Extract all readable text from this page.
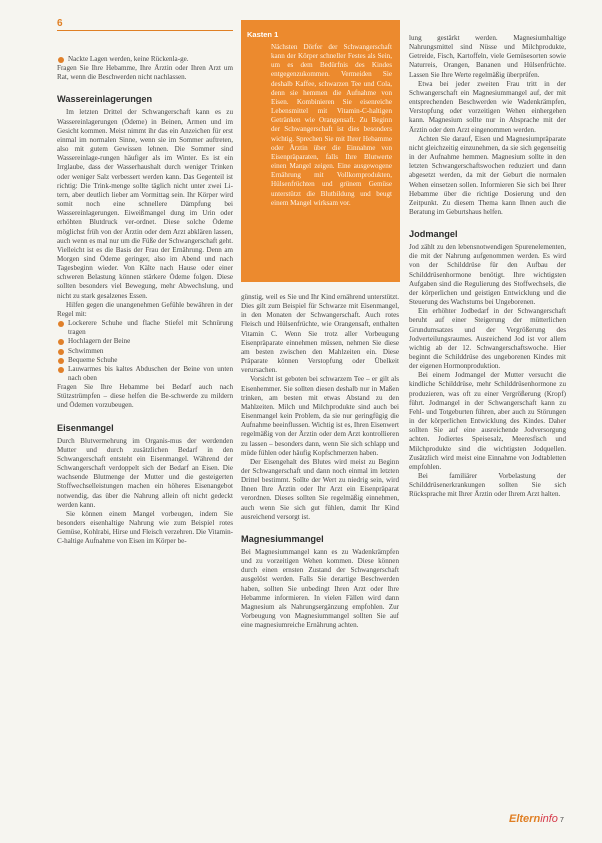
6
Nackte Lagen werden, keine Rückenla-ge.

Fragen Sie Ihre Hebamme, Ihre Ärztin oder Ihren Arzt um Rat, wenn die Beschwerden nicht nachlassen.

Wassereinlagerungen

Im letzten Drittel der Schwangerschaft kann es zu Wassereinlagerungen (Ödeme) in Beinen, Armen und im Gesicht kommen. Meist nimmt ihr das ein Anzeichen für erst einmal im normalen Sinne, wenn sie im Sommer auftreten, also mit gutem Gewissen lehnen. Die Sommer sind Wassereinlage-rungen häufiger als im Winter. Es ist ein Irrglaube, dass der Wasserhaushalt durch weniger Trinken oder weniger Salz verbessert werden kann. Das Gegenteil ist richtig: Die Trink-menge sollte täglich nicht unter zwei Li-tern, aber deutlich lieber am Vormittag sein. Ihr Körper wird somit noch eine schnellere Dämpfung bei Wassereinlagerungen. Eiweißmangel dung im Urin oder erhöhten Blutdruck ver-ordnet. Diese solche Ödeme möglichst früh von der Ärztin oder dem Arzt abklären lassen, auch wenn es mal nur um die Füße der Schwangerschaft geht. Vielleicht ist es die Basis der Frau der Ernährung. Denn am Morgen sind Ödeme geringer, also im Abend und nach Tagesbeginn wieder. Von Kälte nach Hause oder einer schweren Belastung können stärkere Ödeme folgen. Diese sollten besonders viel Bewegung, mehr Abwechslung, und nicht zu stark gesalzenes Essen.

Hilfen gegen die unangenehmen Gefühle bewähren in der Regel mit:

Lockerere Schuhe und flache Stiefel mit Schnürung tragen
Hochlagern der Beine
Schwimmen
Bequeme Schuhe
Lauwarmes bis kaltes Abduschen der Beine von unten nach oben

Fragen Sie Ihre Hebamme bei Bedarf auch nach Stützstrümpfen – diese helfen die Be-schwerde zu mildern und Ödemen vorzubeugen.

Eisenmangel

Durch Blutvermehrung im Organis-mus der werdenden Mutter und durch zusätzlichen Bedarf in den Schwangerschaft entsteht ein Eisenmangel. Während der Schwangerschaft verdoppelt sich der Bedarf an Eisen. Die wachsende Blutmenge der Mutter und die gesteigerten Stoffwechselleistungen machen ein höheres Eisenangebot notwendig, das über die Nahrung allein oft nicht gedeckt werden kann.

Sie können einem Mangel vorbeugen, indem Sie besonders eisenhaltige Nahrung wie zum Beispiel rotes Gemüse, Kohlrabi, Hirse und Fleisch verzehren. Die Vitamin-C-haltige Aufnahme von Eisen im Körper be-

Kasten 1
Nächsten Dörfer der Schwangerschaft kann der Körper schneller Festes als Sein, um es dem Bedürfnis des Kindes entgegenzukommen. Vermeiden Sie deshalb Kaffee, schwarzen Tee und Cola, denn sie hemmen die Aufnahme von Eisen. Kombinieren Sie eisenreiche Lebensmittel mit Vitamin-C-haltigen Getränken wie Orangensaft. Zu Beginn der Schwangerschaft ist dies besonders wichtig. Sprechen Sie mit Ihrer Hebamme oder Ärztin über die Einnahme von Eisenpräparaten, falls Ihre Blutwerte einen Mangel zeigen. Eine ausgewogene Ernährung mit Vollkornprodukten, Hülsenfrüchten und grünem Gemüse unterstützt die Blutbildung und beugt einem Mangel wirksam vor.

günstig, weil es Sie und Ihr Kind ernährend unterstützt. Dies gilt zum Beispiel für Schwarze mit Eisenmangel, in den Monaten der Schwangerschaft. Auch rotes Fleisch und Hülsenfrüchte, wie Orangensaft, enthalten Vitamin C. Wenn Sie trotz aller Vorbeugung Eisenpräparate einnehmen müssen, nehmen Sie diese am besten zwischen den Mahlzeiten ein. Diese Präparate können Verstopfung oder Übelkeit verursachen.

Vorsicht ist geboten bei schwarzem Tee – er gilt als Eisenhemmer. Sie sollten diesen deshalb nur in Maßen trinken, am besten mit etwas Abstand zu den Mahlzeiten. Milch und Milchprodukte sind auch bei Eisenmangel kein Problem, da sie nur geringfügig die Aufnahme beeinflussen. Wichtig ist es, Ihren Eisenwert regelmäßig von der Ärztin oder dem Arzt kontrollieren zu lassen – besonders dann, wenn Sie sich schlapp und müde fühlen oder häufig Kopfschmerzen haben.

Der Eisengehalt des Blutes wird meist zu Beginn der Schwangerschaft und dann noch einmal im letzten Drittel bestimmt. Sollte der Wert zu niedrig sein, wird Ihnen Ihre Ärztin oder Ihr Arzt ein Eisenpräparat verordnen. Dieses sollten Sie regelmäßig einnehmen, auch wenn Sie sich gut fühlen, damit Ihr Kind ausreichend versorgt ist.

Magnesiummangel

Bei Magnesiummangel kann es zu Wadenkrämpfen und zu vorzeitigen Wehen kommen. Diese können durch einen ernsten Zustand der Schwangerschaft ausgelöst werden. Falls Sie derartige Beschwerden haben, sollten Sie unbedingt Ihren Arzt oder Ihre Hebamme informieren. In vielen Fällen wird dann Magnesium als Nahrungsergänzung empfohlen. Zur Vorbeugung von Magnesiummangel sollten Sie auf eine magnesiumreiche Ernährung achten.

lung gestärkt werden. Magnesiumhaltige Nahrungsmittel sind Nüsse und Milchprodukte, Getreide, Fisch, Kartoffeln, viele Gemüsesorten sowie Naturreis, Orangen, Bananen und Hülsenfrüchte. Lassen Sie Ihre Werte regelmäßig überprüfen.

Etwa bei jeder zweiten Frau tritt in der Schwangerschaft ein Magnesiummangel auf, der mit entsprechenden Beschwerden wie Wadenkrämpfen, Verstopfung oder vorzeitigen Wehen einhergehen kann. Magnesium sollte nur in Absprache mit der Ärztin oder dem Arzt eingenommen werden.

Achten Sie darauf, Eisen und Magnesiumpräparate nicht gleichzeitig einzunehmen, da sie sich gegenseitig in der Aufnahme hemmen. Magnesium sollte in den letzten Schwangerschaftswochen reduziert und dann abgesetzt werden, da mit der Geburt die normalen Wehen einsetzen sollen. Informieren Sie sich bei Ihrer Hebamme über die richtige Dosierung und den Zeitpunkt. Zu diesem Thema kann Ihnen auch die Beratung im Geburtshaus helfen.

Jodmangel

Jod zählt zu den lebensnotwendigen Spurenelementen, die mit der Nahrung aufgenommen werden. Es wird von der Schilddrüse für den Aufbau der Schilddrüsenhormone benötigt. Ihre wichtigsten Aufgaben sind die Regulierung des Stoffwechsels, die der körperlichen und geistigen Entwicklung und die Steuerung des Wachstums bei Ungeborenen.

Ein erhöhter Jodbedarf in der Schwangerschaft beruht auf einer Steigerung der mütterlichen Grundumsatzes und der Vergrößerung des Jodverteilungsraumes. Ausreichend Jod ist vor allem wichtig ab der 12. Schwangerschaftswoche. Hier beginnt die Schilddrüse des ungeborenen Kindes mit der eigenen Hormonproduktion.

Bei einem Jodmangel der Mutter versucht die kindliche Schilddrüse, mehr Schilddrüsenhormone zu produzieren, was oft zu einer Vergrößerung (Kropf) führt. Jodmangel in der Schwangerschaft kann zu Fehl- und Totgeburten führen, aber auch zu Störungen in der körperlichen Entwicklung des Kindes. Daher sollten Sie auf eine ausreichende Jodversorgung achten. Jodiertes Speisesalz, Meeresfisch und Milchprodukte sind die wichtigsten Jodquellen. Zusätzlich wird meist eine Einnahme von Jodtabletten empfohlen.

Bei familiärer Vorbelastung der Schilddrüsenerkrankungen sollten Sie sich Rücksprache mit Ihrer Ärztin oder Ihrem Arzt halten.

Elterninfo 7
